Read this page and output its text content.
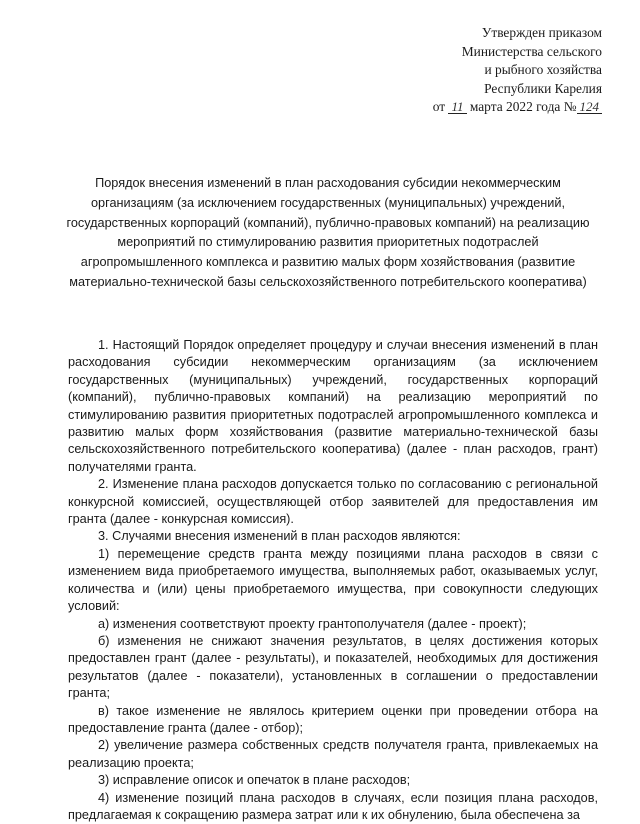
Утвержден приказом
Министерства сельского
и рыбного хозяйства
Республики Карелия
от 11 марта 2022 года № 124
Порядок внесения изменений в план расходования субсидии некоммерческим организациям (за исключением государственных (муниципальных) учреждений, государственных корпораций (компаний), публично-правовых компаний) на реализацию мероприятий по стимулированию развития приоритетных подотраслей агропромышленного комплекса и развитию малых форм хозяйствования (развитие материально-технической базы сельскохозяйственного потребительского кооператива)

1. Настоящий Порядок определяет процедуру и случаи внесения изменений в план расходования субсидии некоммерческим организациям (за исключением государственных (муниципальных) учреждений, государственных корпораций (компаний), публично-правовых компаний) на реализацию мероприятий по стимулированию развития приоритетных подотраслей агропромышленного комплекса и развитию малых форм хозяйствования (развитие материально-технической базы сельскохозяйственного потребительского кооператива) (далее - план расходов, грант) получателями гранта.

2. Изменение плана расходов допускается только по согласованию с региональной конкурсной комиссией, осуществляющей отбор заявителей для предоставления им гранта (далее - конкурсная комиссия).

3. Случаями внесения изменений в план расходов являются:

1) перемещение средств гранта между позициями плана расходов в связи с изменением вида приобретаемого имущества, выполняемых работ, оказываемых услуг, количества и (или) цены приобретаемого имущества, при совокупности следующих условий:

а) изменения соответствуют проекту грантополучателя (далее - проект);

б) изменения не снижают значения результатов, в целях достижения которых предоставлен грант (далее - результаты), и показателей, необходимых для достижения результатов (далее - показатели), установленных в соглашении о предоставлении гранта;

в) такое изменение не являлось критерием оценки при проведении отбора на предоставление гранта (далее - отбор);

2) увеличение размера собственных средств получателя гранта, привлекаемых на реализацию проекта;

3) исправление описок и опечаток в плане расходов;

4) изменение позиций плана расходов в случаях, если позиция плана расходов, предлагаемая к сокращению размера затрат или к их обнулению, была обеспечена за
